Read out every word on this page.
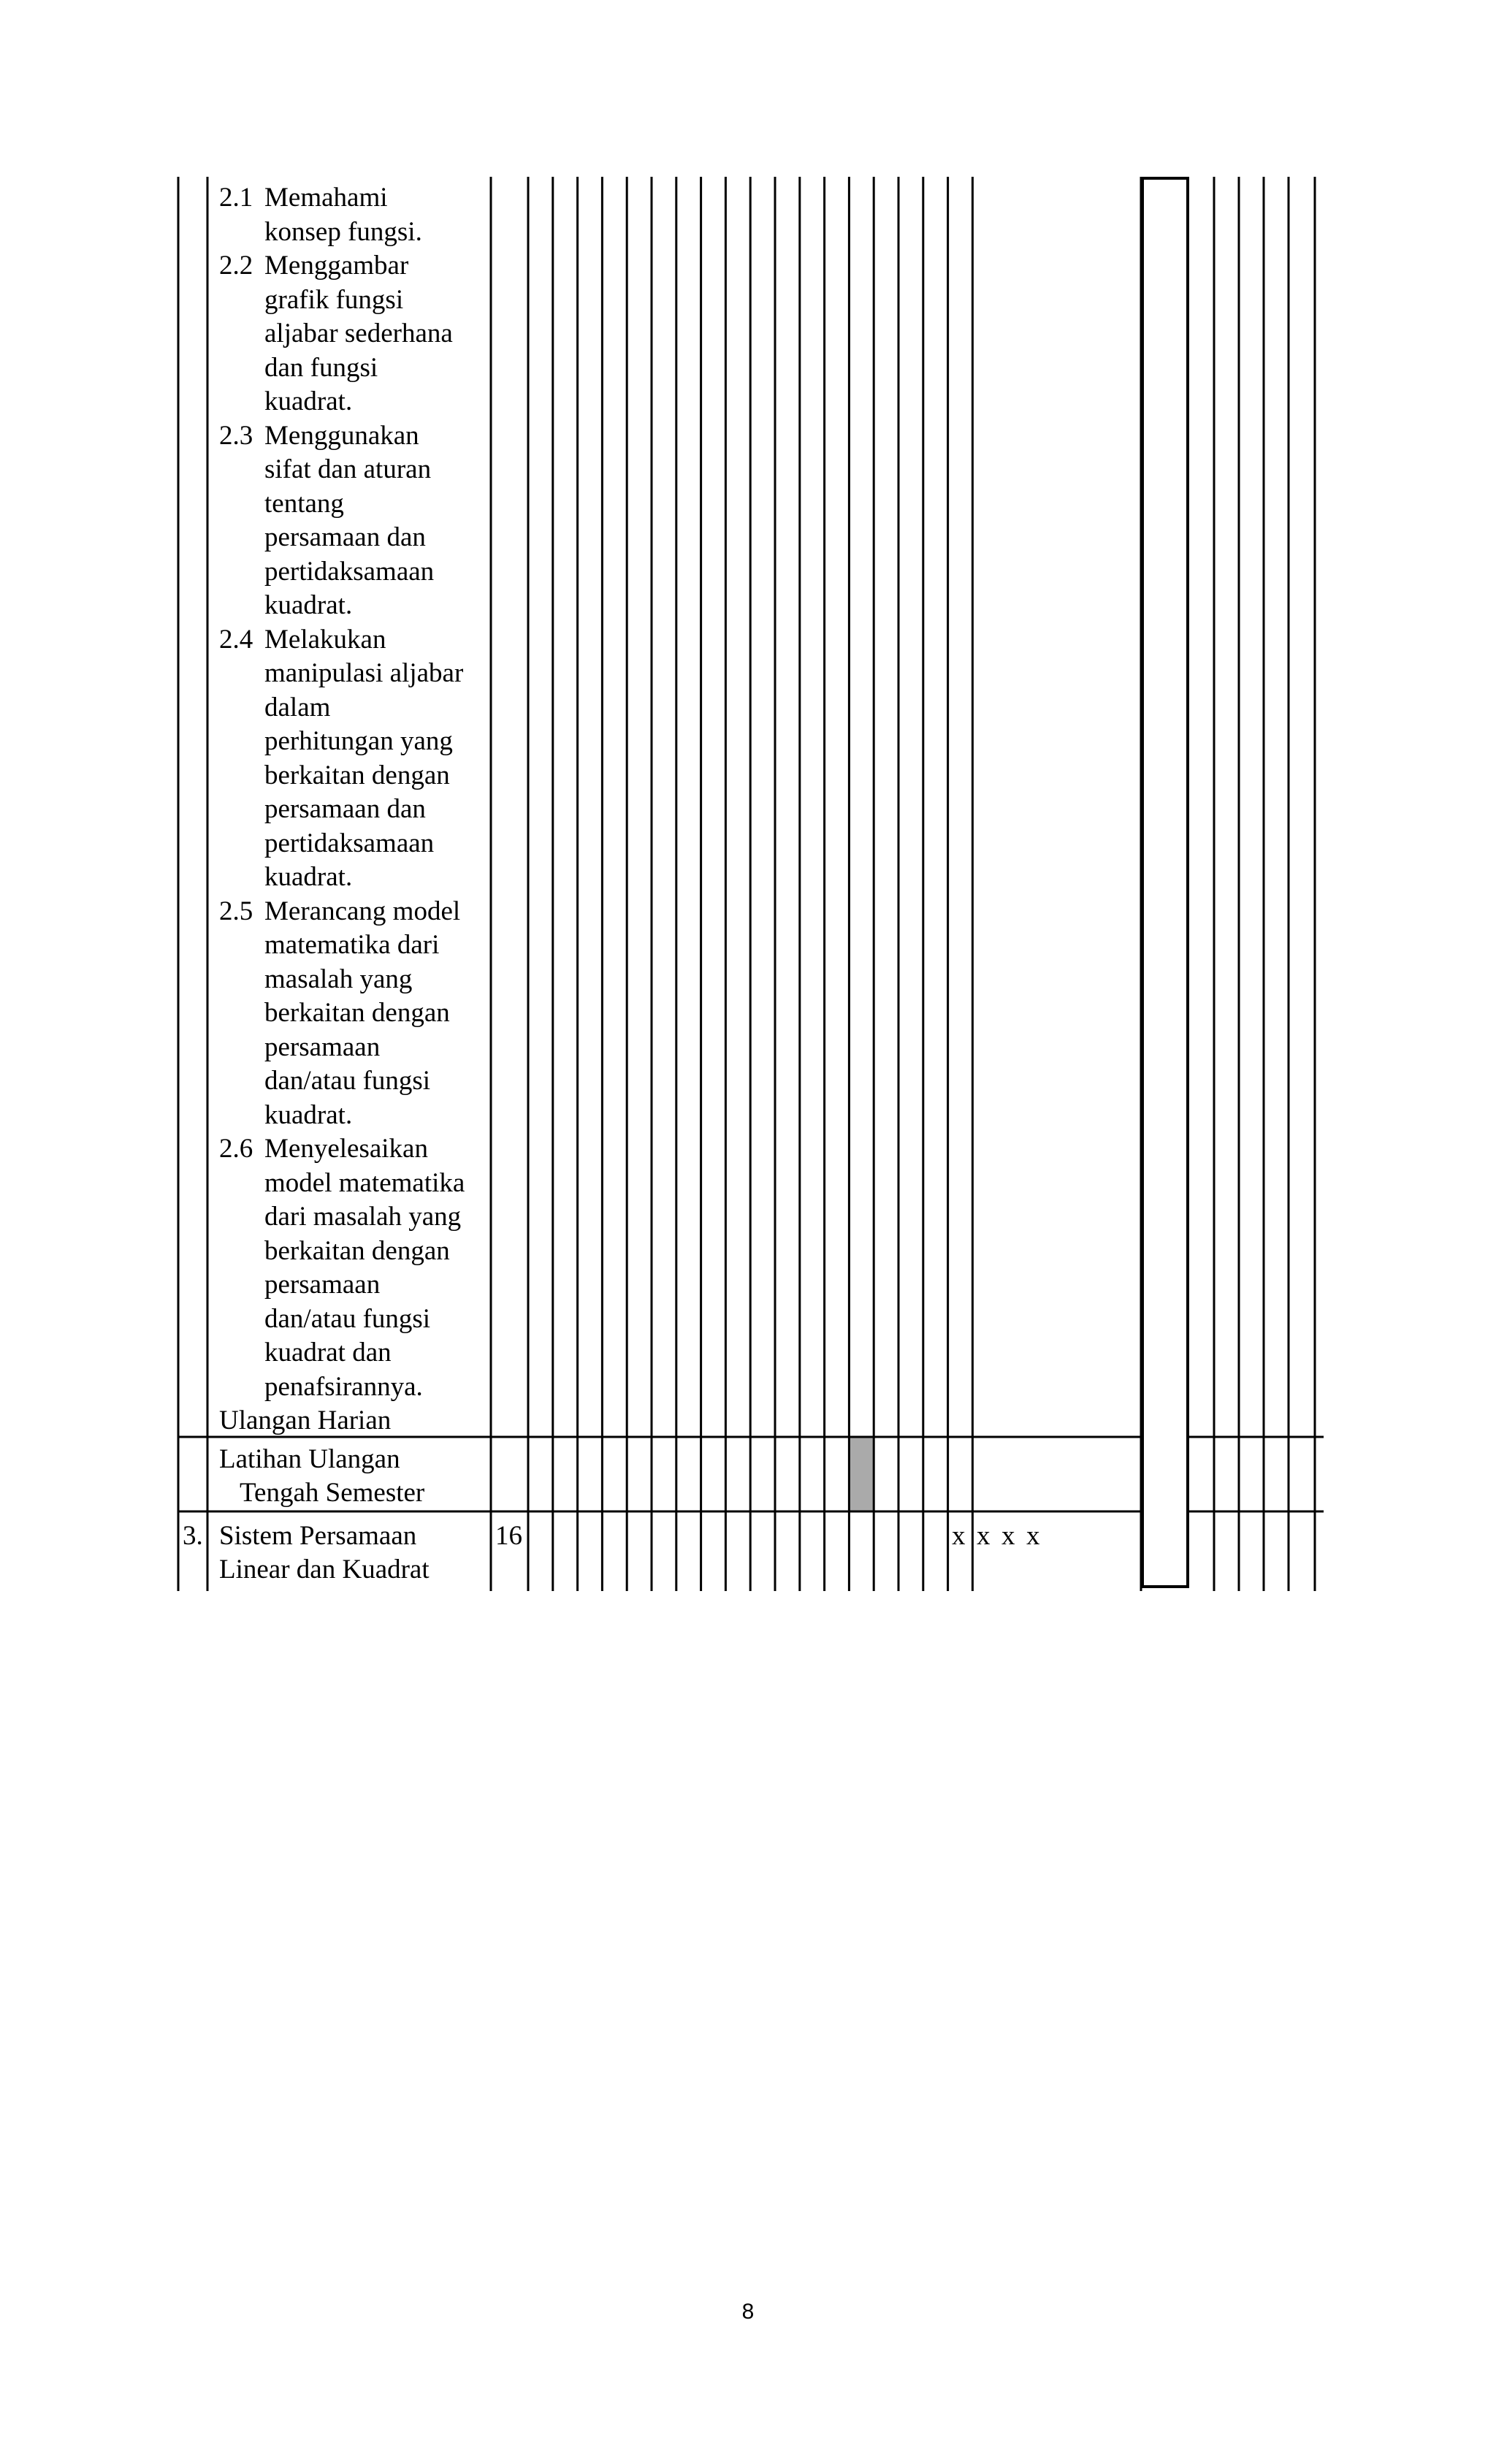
2.1 Memahami
konsep fungsi.
2.2 Menggambar
grafik fungsi
aljabar sederhana
dan fungsi
kuadrat.
2.3 Menggunakan
sifat dan aturan
tentang
persamaan dan
pertidaksamaan
kuadrat.
2.4 Melakukan
manipulasi aljabar
dalam
perhitungan yang
berkaitan dengan
persamaan dan
pertidaksamaan
kuadrat.
2.5 Merancang model
matematika dari
masalah yang
berkaitan dengan
persamaan
dan/atau fungsi
kuadrat.
2.6 Menyelesaikan
model matematika
dari masalah yang
berkaitan dengan
persamaan
dan/atau fungsi
kuadrat dan
penafsirannya.
Ulangan Harian
Latihan Ulangan
Tengah Semester
3. Sistem Persamaan
Linear dan Kuadrat
16	x x x x
8
